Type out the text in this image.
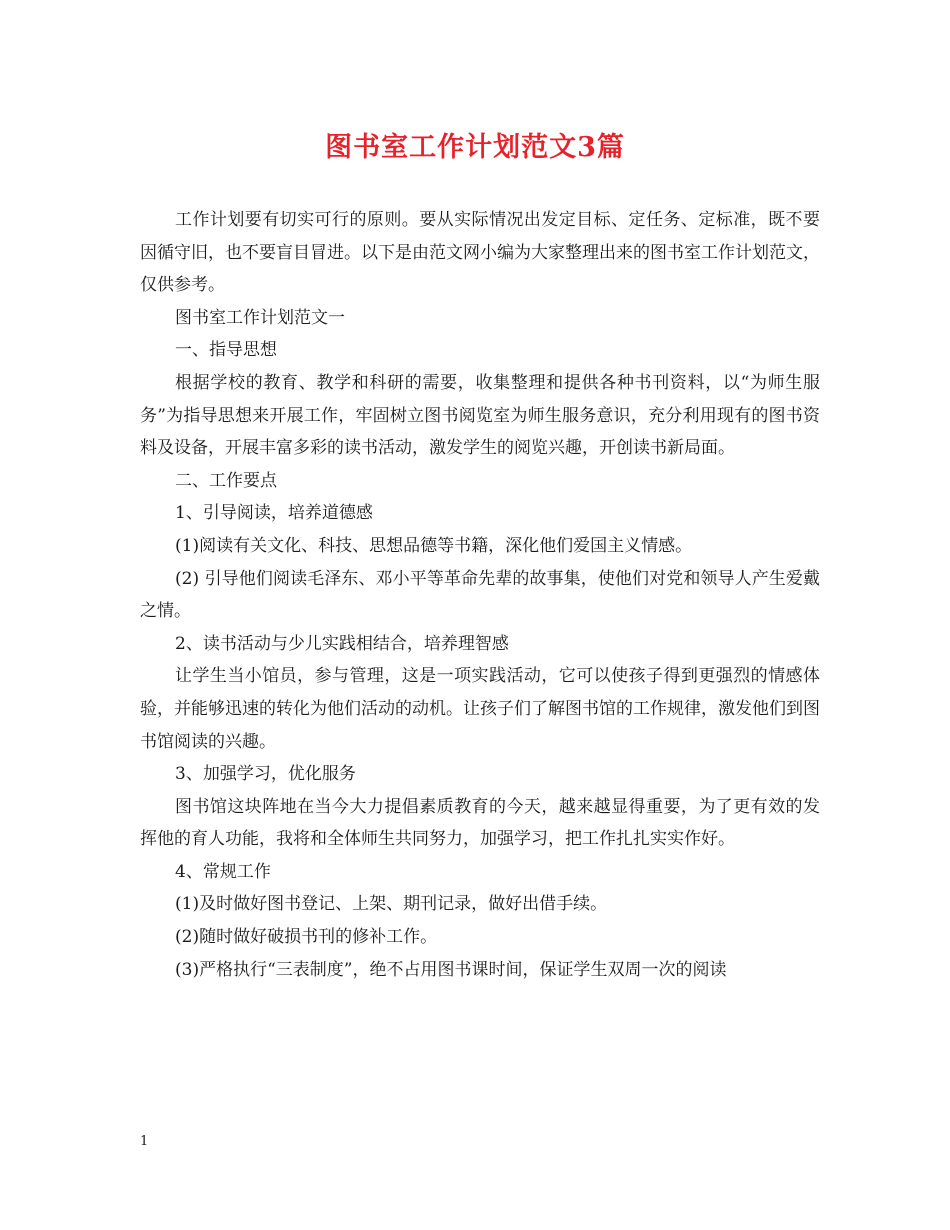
图书室工作计划范文3篇

工作计划要有切实可行的原则。要从实际情况出发定目标、定任务、定标准，既不要因循守旧，也不要盲目冒进。以下是由范文网小编为大家整理出来的图书室工作计划范文，仅供参考。

图书室工作计划范文一

一、指导思想

根据学校的教育、教学和科研的需要，收集整理和提供各种书刊资料，以“为师生服务”为指导思想来开展工作，牢固树立图书阅览室为师生服务意识，充分利用现有的图书资料及设备，开展丰富多彩的读书活动，激发学生的阅览兴趣，开创读书新局面。

二、工作要点

1、引导阅读，培养道德感

(1)阅读有关文化、科技、思想品德等书籍，深化他们爱国主义情感。

(2) 引导他们阅读毛泽东、邓小平等革命先辈的故事集，使他们对党和领导人产生爱戴之情。

2、读书活动与少儿实践相结合，培养理智感

让学生当小馆员，参与管理，这是一项实践活动，它可以使孩子得到更强烈的情感体验，并能够迅速的转化为他们活动的动机。让孩子们了解图书馆的工作规律，激发他们到图书馆阅读的兴趣。

3、加强学习，优化服务

图书馆这块阵地在当今大力提倡素质教育的今天，越来越显得重要，为了更有效的发挥他的育人功能，我将和全体师生共同努力，加强学习，把工作扎扎实实作好。

4、常规工作

(1)及时做好图书登记、上架、期刊记录，做好出借手续。

(2)随时做好破损书刊的修补工作。

(3)严格执行“三表制度”，绝不占用图书课时间，保证学生双周一次的阅读

1
